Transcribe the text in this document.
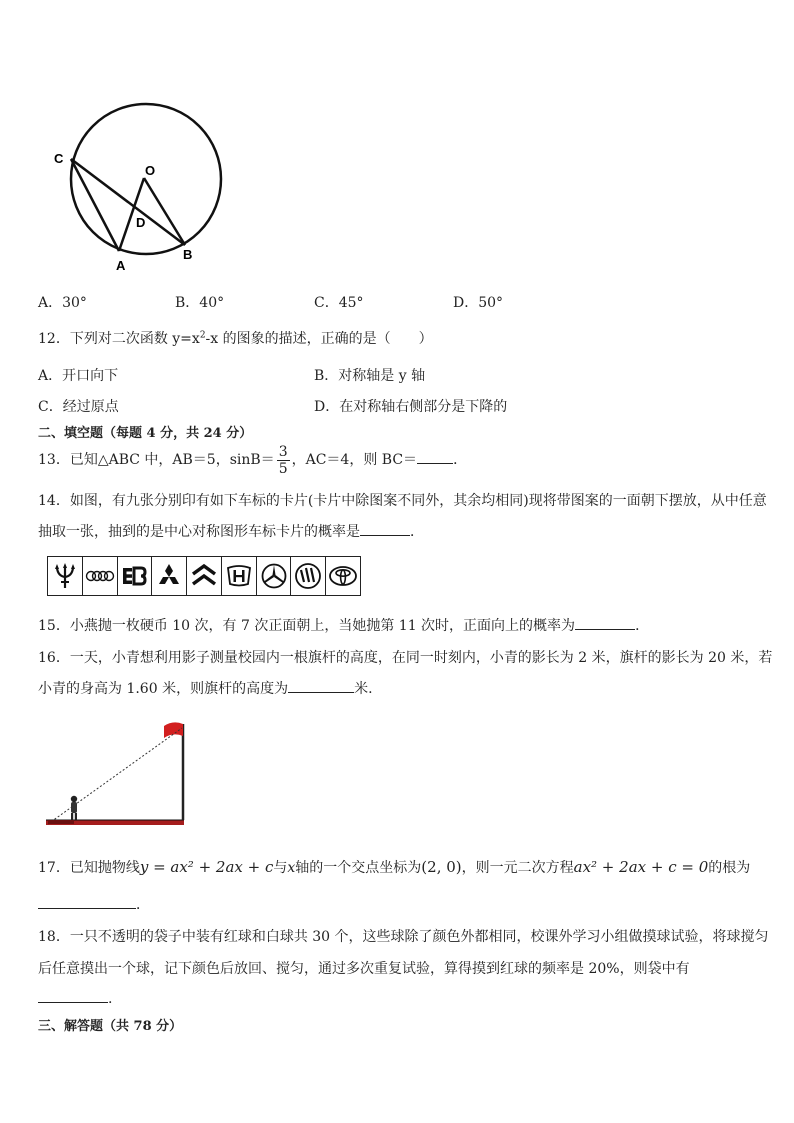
C
O
D
A
B
A．30°	B．40°	C．45°	D．50°
12．下列对二次函数 $y=x^2-x$ 的图象的描述，正确的是（　　）
A．开口向下	B．对称轴是 y 轴
C．经过原点	D．在对称轴右侧部分是下降的
二、填空题（每题 4 分，共 24 分）
13．已知△ABC 中，AB＝5，$\sin B= \frac{3}{5}$ ，AC＝4，则 BC＝	．
14．如图，有九张分别印有如下车标的卡片(卡片中除图案不同外，其余均相同)现将带图案的一面朝下摆放，从中任意
抽取一张，抽到的是中心对称图形车标卡片的概率是	．
15．小燕抛一枚硬币 10 次，有 7 次正面朝上，当她抛第 11 次时，正面向上的概率为	．
16．一天，小青想利用影子测量校园内一根旗杆的高度，在同一时刻内，小青的影长为 2 米，旗杆的影长为 20 米，若
小青的身高为 1.60 米，则旗杆的高度为	米.
17．已知抛物线y = ax² + 2ax + c与x轴的一个交点坐标为(2, 0)，则一元二次方程ax² + 2ax + c = 0的根为
．
18．一只不透明的袋子中装有红球和白球共 30 个，这些球除了颜色外都相同，校课外学习小组做摸球试验，将球搅匀
后任意摸出一个球，记下颜色后放回、搅匀，通过多次重复试验，算得摸到红球的频率是 20%，则袋中有
.
三、解答题（共 78 分）
